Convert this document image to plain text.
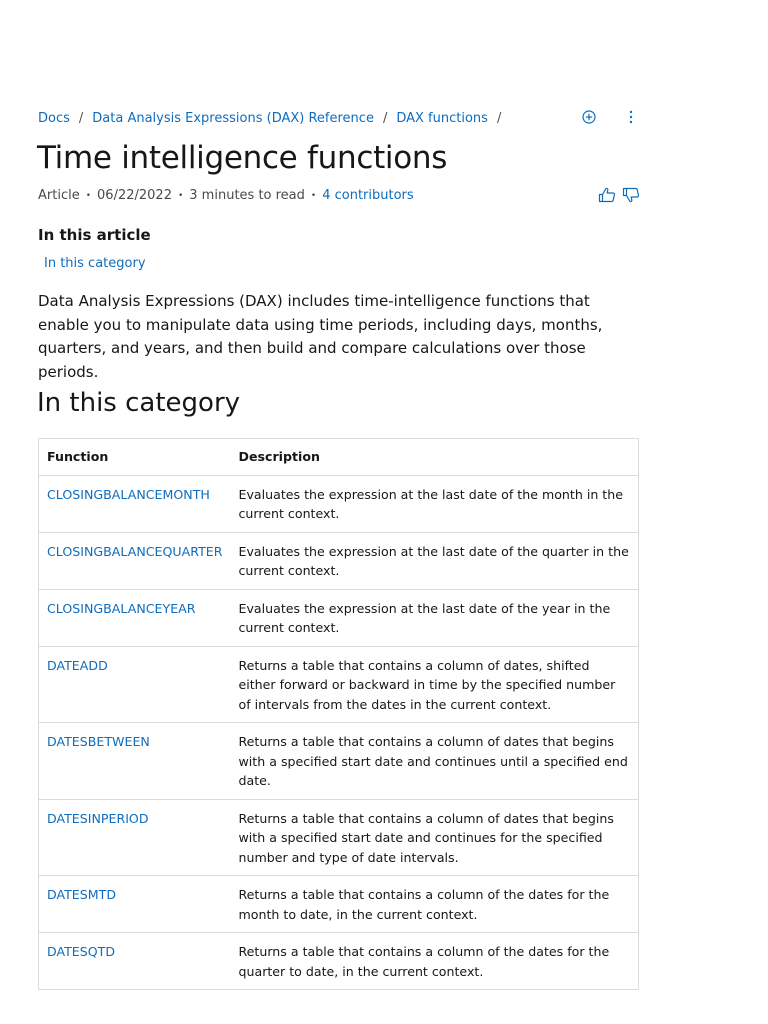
Docs / Data Analysis Expressions (DAX) Reference / DAX functions /
Time intelligence functions
Article • 06/22/2022 • 3 minutes to read • 4 contributors
In this article
In this category

Data Analysis Expressions (DAX) includes time-intelligence functions that enable you to manipulate data using time periods, including days, months, quarters, and years, and then build and compare calculations over those periods.

In this category
Function	Description
CLOSINGBALANCEMONTH	Evaluates the expression at the last date of the month in the current context.
CLOSINGBALANCEQUARTER	Evaluates the expression at the last date of the quarter in the current context.
CLOSINGBALANCEYEAR	Evaluates the expression at the last date of the year in the current context.
DATEADD	Returns a table that contains a column of dates, shifted either forward or backward in time by the specified number of intervals from the dates in the current context.
DATESBETWEEN	Returns a table that contains a column of dates that begins with a specified start date and continues until a specified end date.
DATESINPERIOD	Returns a table that contains a column of dates that begins with a specified start date and continues for the specified number and type of date intervals.
DATESMTD	Returns a table that contains a column of the dates for the month to date, in the current context.
DATESQTD	Returns a table that contains a column of the dates for the quarter to date, in the current context.
